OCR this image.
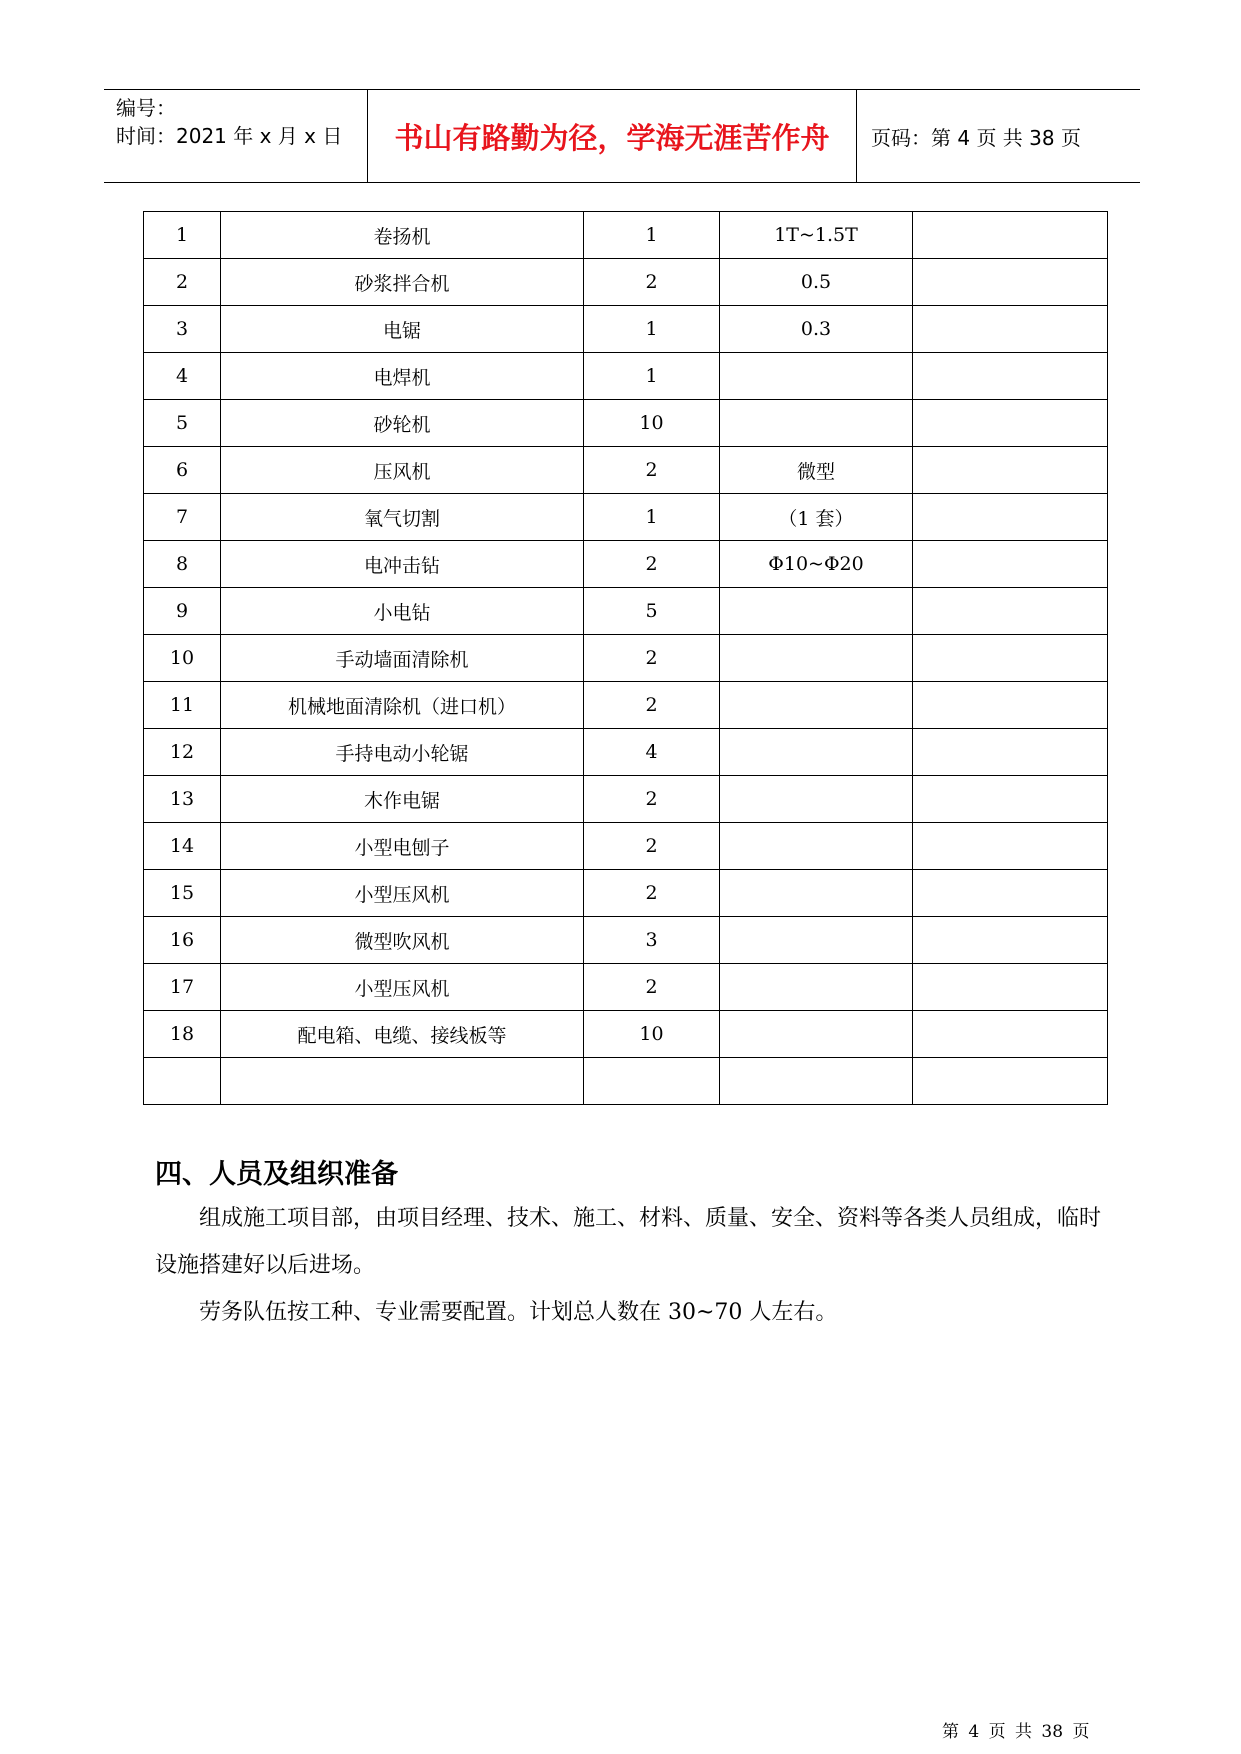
编号：
时间：2021 年 x 月 x 日	书山有路勤为径，学海无涯苦作舟	页码：第 4 页 共 38 页
1	卷扬机	1	1T~1.5T	
2	砂浆拌合机	2	0.5	
3	电锯	1	0.3	
4	电焊机	1		
5	砂轮机	10		
6	压风机	2	微型	
7	氧气切割	1	（1 套）	
8	电冲击钻	2	Φ10~Φ20	
9	小电钻	5		
10	手动墙面清除机	2		
11	机械地面清除机（进口机）	2		
12	手持电动小轮锯	4		
13	木作电锯	2		
14	小型电刨子	2		
15	小型压风机	2		
16	微型吹风机	3		
17	小型压风机	2		
18	配电箱、电缆、接线板等	10		

四、人员及组织准备

组成施工项目部，由项目经理、技术、施工、材料、质量、安全、资料等各类人员组成，临时设施搭建好以后进场。

劳务队伍按工种、专业需要配置。计划总人数在 30~70 人左右。

第 4 页 共 38 页
